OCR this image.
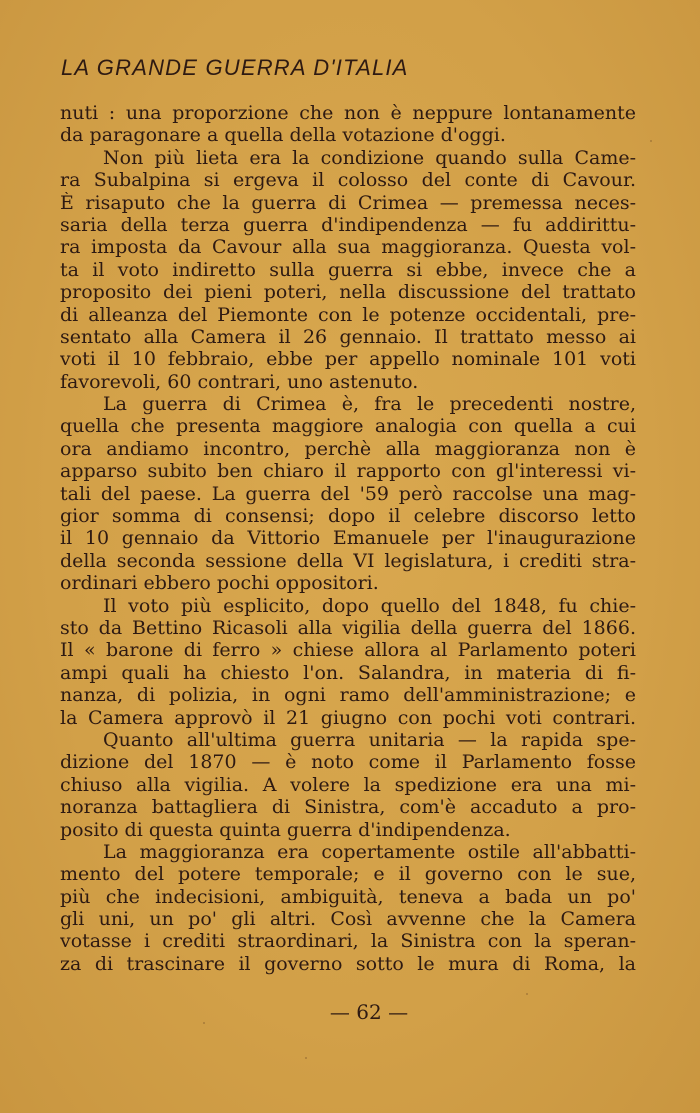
LA GRANDE GUERRA D'ITALIA
nuti : una proporzione che non è neppure lontanamente
da paragonare a quella della votazione d'oggi.
Non più lieta era la condizione quando sulla Came-
ra Subalpina si ergeva il colosso del conte di Cavour.
È risaputo che la guerra di Crimea — premessa neces-
saria della terza guerra d'indipendenza — fu addirittu-
ra imposta da Cavour alla sua maggioranza. Questa vol-
ta il voto indiretto sulla guerra si ebbe, invece che a
proposito dei pieni poteri, nella discussione del trattato
di alleanza del Piemonte con le potenze occidentali, pre-
sentato alla Camera il 26 gennaio. Il trattato messo ai
voti il 10 febbraio, ebbe per appello nominale 101 voti
favorevoli, 60 contrari, uno astenuto.
La guerra di Crimea è, fra le precedenti nostre,
quella che presenta maggiore analogia con quella a cui
ora andiamo incontro, perchè alla maggioranza non è
apparso subito ben chiaro il rapporto con gl'interessi vi-
tali del paese. La guerra del '59 però raccolse una mag-
gior somma di consensi; dopo il celebre discorso letto
il 10 gennaio da Vittorio Emanuele per l'inaugurazione
della seconda sessione della VI legislatura, i crediti stra-
ordinari ebbero pochi oppositori.
Il voto più esplicito, dopo quello del 1848, fu chie-
sto da Bettino Ricasoli alla vigilia della guerra del 1866.
Il « barone di ferro » chiese allora al Parlamento poteri
ampi quali ha chiesto l'on. Salandra, in materia di fi-
nanza, di polizia, in ogni ramo dell'amministrazione; e
la Camera approvò il 21 giugno con pochi voti contrari.
Quanto all'ultima guerra unitaria — la rapida spe-
dizione del 1870 — è noto come il Parlamento fosse
chiuso alla vigilia. A volere la spedizione era una mi-
noranza battagliera di Sinistra, com'è accaduto a pro-
posito di questa quinta guerra d'indipendenza.
La maggioranza era copertamente ostile all'abbatti-
mento del potere temporale; e il governo con le sue,
più che indecisioni, ambiguità, teneva a bada un po'
gli uni, un po' gli altri. Così avvenne che la Camera
votasse i crediti straordinari, la Sinistra con la speran-
za di trascinare il governo sotto le mura di Roma, la
— 62 —
